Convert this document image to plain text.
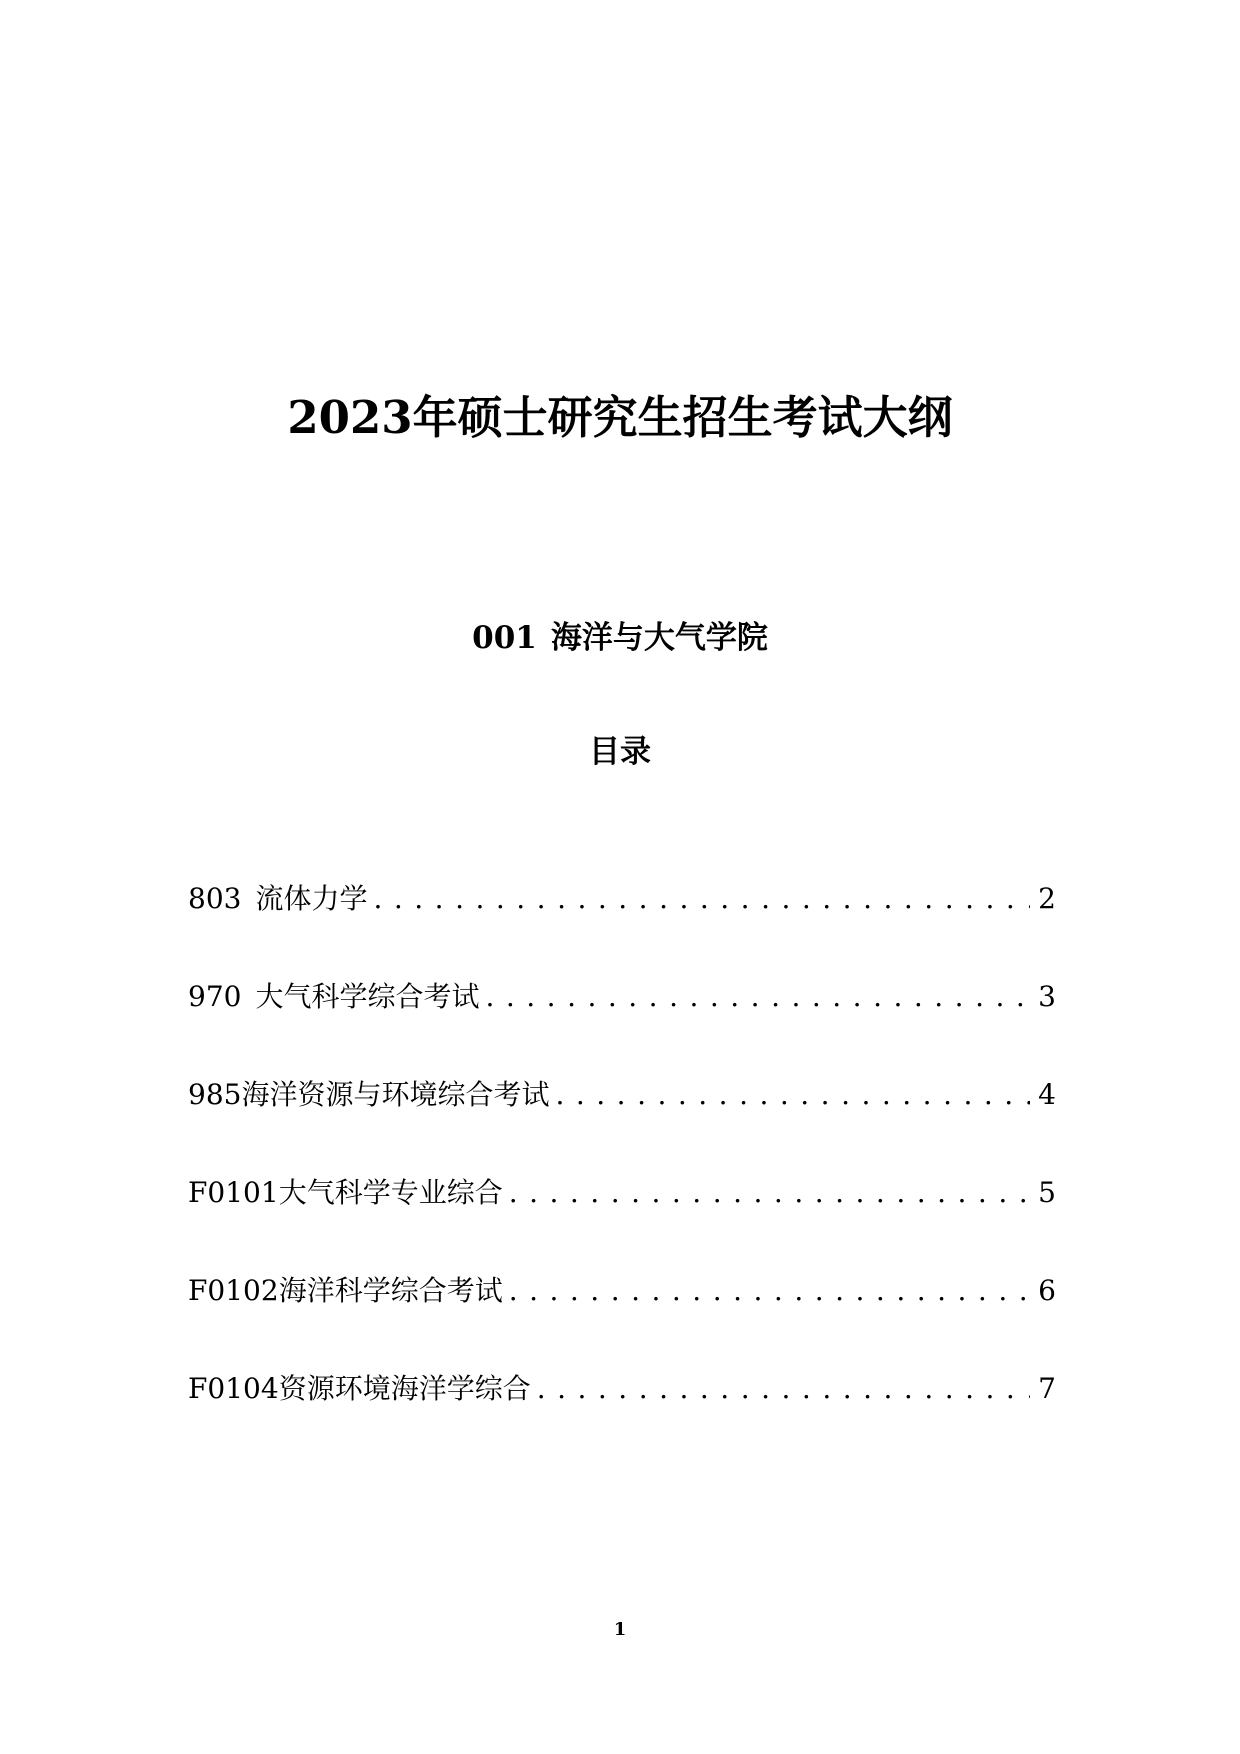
2023年硕士研究生招生考试大纲
001 海洋与大气学院
目录
803 流体力学 . . .	2
970 大气科学综合考试 . . .	3
985 海洋资源与环境综合考试 . . .	4
F0101 大气科学专业综合 . . .	5
F0102 海洋科学综合考试 . . .	6
F0104 资源环境海洋学综合 . . .	7
1
